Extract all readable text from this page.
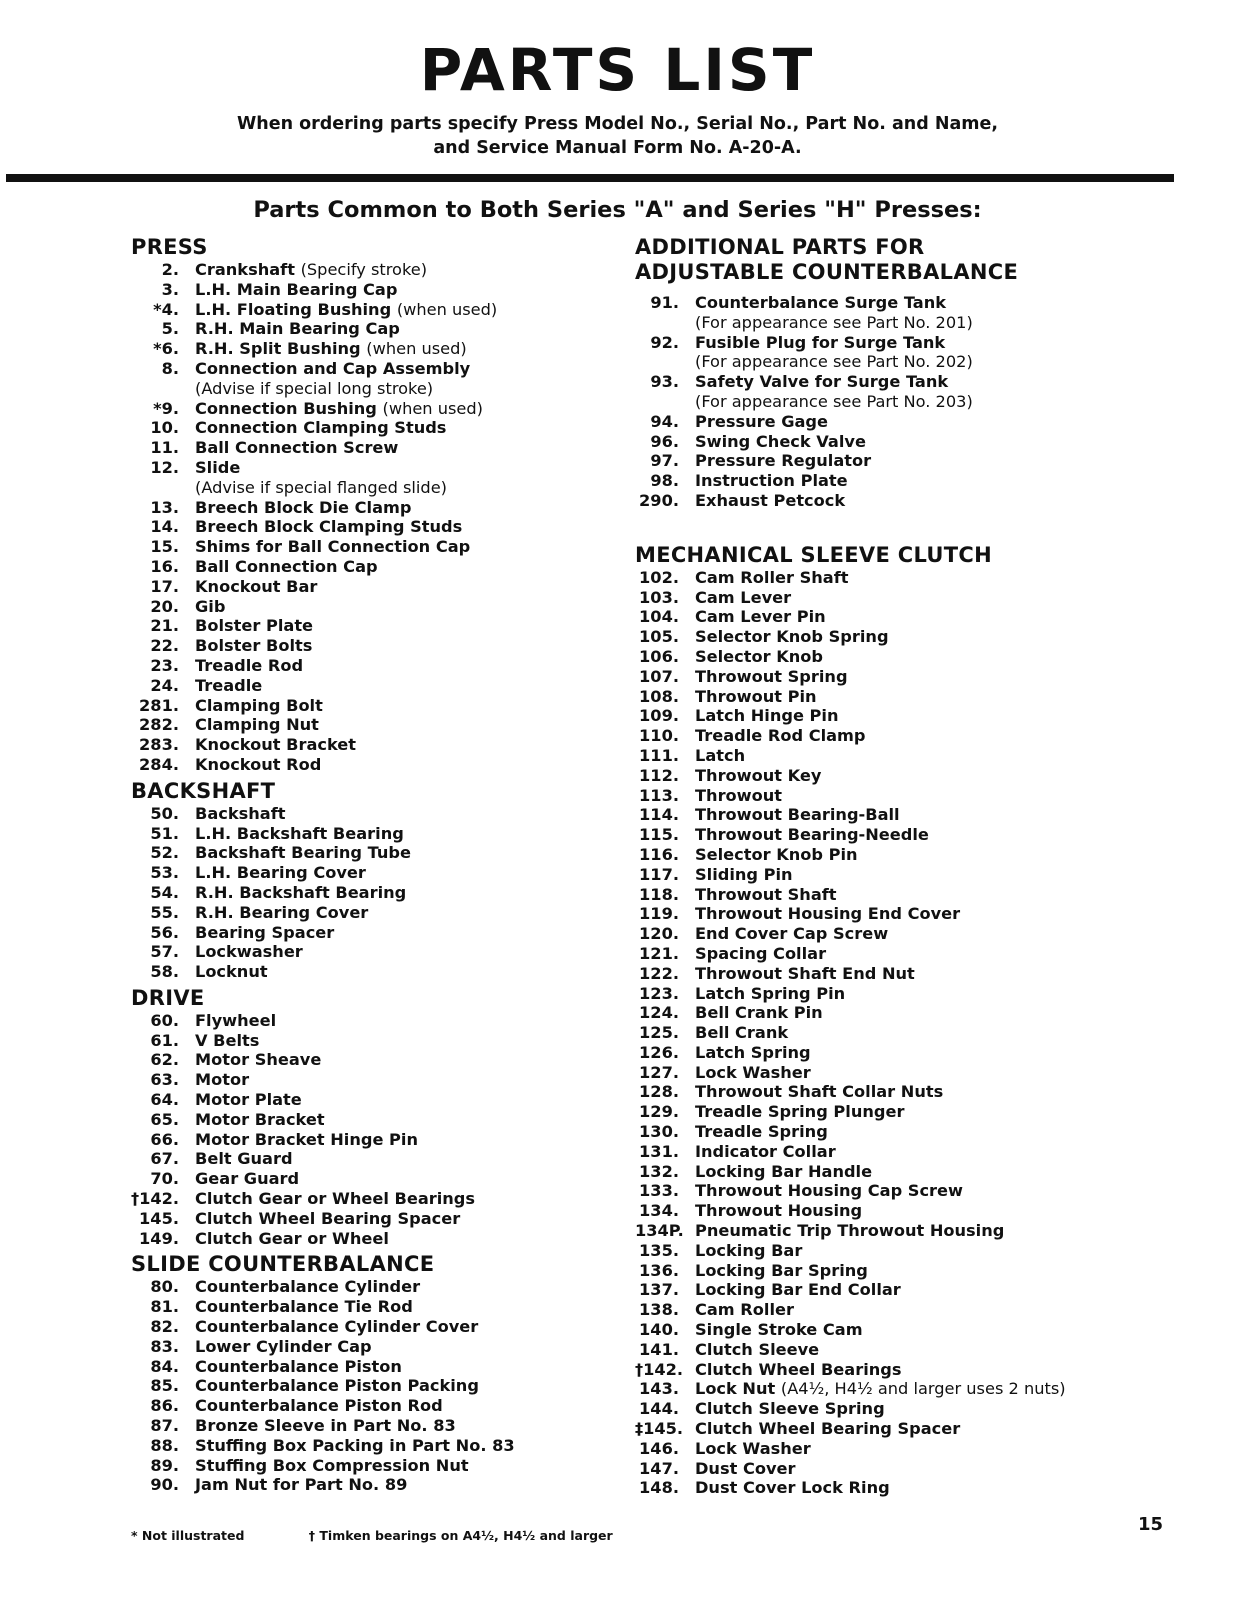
PARTS LIST
When ordering parts specify Press Model No., Serial No., Part No. and Name,
and Service Manual Form No. A-20-A.
Parts Common to Both Series "A" and Series "H" Presses:
PRESS
2. Crankshaft (Specify stroke)
3. L.H. Main Bearing Cap
*4. L.H. Floating Bushing (when used)
5. R.H. Main Bearing Cap
*6. R.H. Split Bushing (when used)
8. Connection and Cap Assembly
(Advise if special long stroke)
*9. Connection Bushing (when used)
10. Connection Clamping Studs
11. Ball Connection Screw
12. Slide
(Advise if special flanged slide)
13. Breech Block Die Clamp
14. Breech Block Clamping Studs
15. Shims for Ball Connection Cap
16. Ball Connection Cap
17. Knockout Bar
20. Gib
21. Bolster Plate
22. Bolster Bolts
23. Treadle Rod
24. Treadle
281. Clamping Bolt
282. Clamping Nut
283. Knockout Bracket
284. Knockout Rod
BACKSHAFT
50. Backshaft
51. L.H. Backshaft Bearing
52. Backshaft Bearing Tube
53. L.H. Bearing Cover
54. R.H. Backshaft Bearing
55. R.H. Bearing Cover
56. Bearing Spacer
57. Lockwasher
58. Locknut
DRIVE
60. Flywheel
61. V Belts
62. Motor Sheave
63. Motor
64. Motor Plate
65. Motor Bracket
66. Motor Bracket Hinge Pin
67. Belt Guard
70. Gear Guard
†142. Clutch Gear or Wheel Bearings
145. Clutch Wheel Bearing Spacer
149. Clutch Gear or Wheel
SLIDE COUNTERBALANCE
80. Counterbalance Cylinder
81. Counterbalance Tie Rod
82. Counterbalance Cylinder Cover
83. Lower Cylinder Cap
84. Counterbalance Piston
85. Counterbalance Piston Packing
86. Counterbalance Piston Rod
87. Bronze Sleeve in Part No. 83
88. Stuffing Box Packing in Part No. 83
89. Stuffing Box Compression Nut
90. Jam Nut for Part No. 89
ADDITIONAL PARTS FOR
ADJUSTABLE COUNTERBALANCE
91. Counterbalance Surge Tank
(For appearance see Part No. 201)
92. Fusible Plug for Surge Tank
(For appearance see Part No. 202)
93. Safety Valve for Surge Tank
(For appearance see Part No. 203)
94. Pressure Gage
96. Swing Check Valve
97. Pressure Regulator
98. Instruction Plate
290. Exhaust Petcock
MECHANICAL SLEEVE CLUTCH
102. Cam Roller Shaft
103. Cam Lever
104. Cam Lever Pin
105. Selector Knob Spring
106. Selector Knob
107. Throwout Spring
108. Throwout Pin
109. Latch Hinge Pin
110. Treadle Rod Clamp
111. Latch
112. Throwout Key
113. Throwout
114. Throwout Bearing-Ball
115. Throwout Bearing-Needle
116. Selector Knob Pin
117. Sliding Pin
118. Throwout Shaft
119. Throwout Housing End Cover
120. End Cover Cap Screw
121. Spacing Collar
122. Throwout Shaft End Nut
123. Latch Spring Pin
124. Bell Crank Pin
125. Bell Crank
126. Latch Spring
127. Lock Washer
128. Throwout Shaft Collar Nuts
129. Treadle Spring Plunger
130. Treadle Spring
131. Indicator Collar
132. Locking Bar Handle
133. Throwout Housing Cap Screw
134. Throwout Housing
134P. Pneumatic Trip Throwout Housing
135. Locking Bar
136. Locking Bar Spring
137. Locking Bar End Collar
138. Cam Roller
140. Single Stroke Cam
141. Clutch Sleeve
†142. Clutch Wheel Bearings
143. Lock Nut (A4½, H4½ and larger uses 2 nuts)
144. Clutch Sleeve Spring
‡145. Clutch Wheel Bearing Spacer
146. Lock Washer
147. Dust Cover
148. Dust Cover Lock Ring
* Not illustrated	† Timken bearings on A4½, H4½ and larger
15
